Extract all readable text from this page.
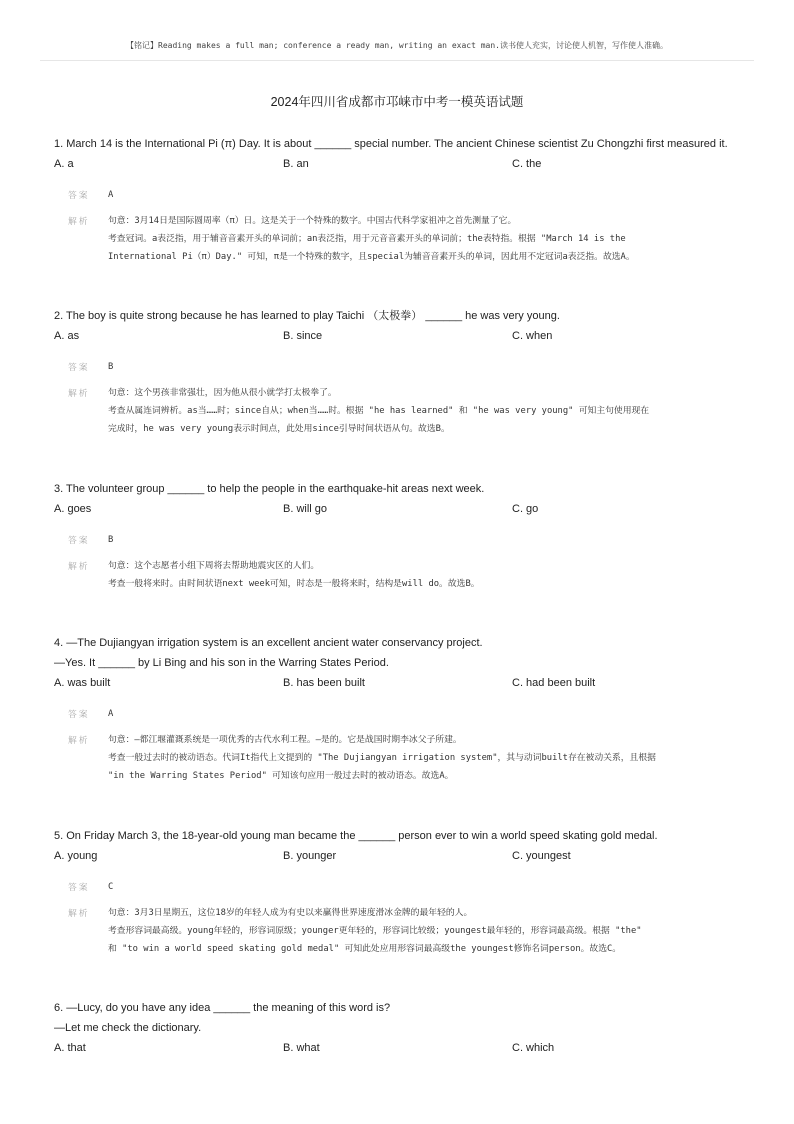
【铭记】Reading makes a full man; conference a ready man, writing an exact man.读书使人充实，讨论使人机智，写作使人准确。
2024年四川省成都市邛崃市中考一模英语试题
1. March 14 is the International Pi (π) Day. It is about ______ special number. The ancient Chinese scientist Zu Chongzhi first measured it.
A. a	B. an	C. the
答案 A
解析 句意：3月14日是国际圆周率（π）日。这是关于一个特殊的数字。中国古代科学家祖冲之首先测量了它。
考查冠词。a表泛指，用于辅音音素开头的单词前；an表泛指，用于元音音素开头的单词前；the表特指。根据 "March 14 is the
International Pi（π）Day." 可知，π是一个特殊的数字，且special为辅音音素开头的单词，因此用不定冠词a表泛指。故选A。
2. The boy is quite strong because he has learned to play Taichi （太极拳） ______ he was very young.
A. as	B. since	C. when
答案 B
解析 句意：这个男孩非常强壮，因为他从很小就学打太极拳了。
考查从属连词辨析。as当……时；since自从；when当……时。根据 "he has learned" 和 "he was very young" 可知主句使用现在
完成时，he was very young表示时间点，此处用since引导时间状语从句。故选B。
3. The volunteer group ______ to help the people in the earthquake-hit areas next week.
A. goes	B. will go	C. go
答案 B
解析 句意：这个志愿者小组下周将去帮助地震灾区的人们。
考查一般将来时。由时间状语next week可知，时态是一般将来时，结构是will do。故选B。
4. —The Dujiangyan irrigation system is an excellent ancient water conservancy project.
—Yes. It ______ by Li Bing and his son in the Warring States Period.
A. was built	B. has been built	C. had been built
答案 A
解析 句意：—都江堰灌溉系统是一项优秀的古代水利工程。—是的。它是战国时期李冰父子所建。
考查一般过去时的被动语态。代词It指代上文提到的 "The Dujiangyan irrigation system"，其与动词built存在被动关系，且根据
"in the Warring States Period" 可知该句应用一般过去时的被动语态。故选A。
5. On Friday March 3, the 18-year-old young man became the ______ person ever to win a world speed skating gold medal.
A. young	B. younger	C. youngest
答案 C
解析 句意：3月3日星期五，这位18岁的年轻人成为有史以来赢得世界速度滑冰金牌的最年轻的人。
考查形容词最高级。young年轻的，形容词原级；younger更年轻的，形容词比较级；youngest最年轻的，形容词最高级。根据 "the"
和 "to win a world speed skating gold medal" 可知此处应用形容词最高级the youngest修饰名词person。故选C。
6. —Lucy, do you have any idea ______ the meaning of this word is?
—Let me check the dictionary.
A. that	B. what	C. which
